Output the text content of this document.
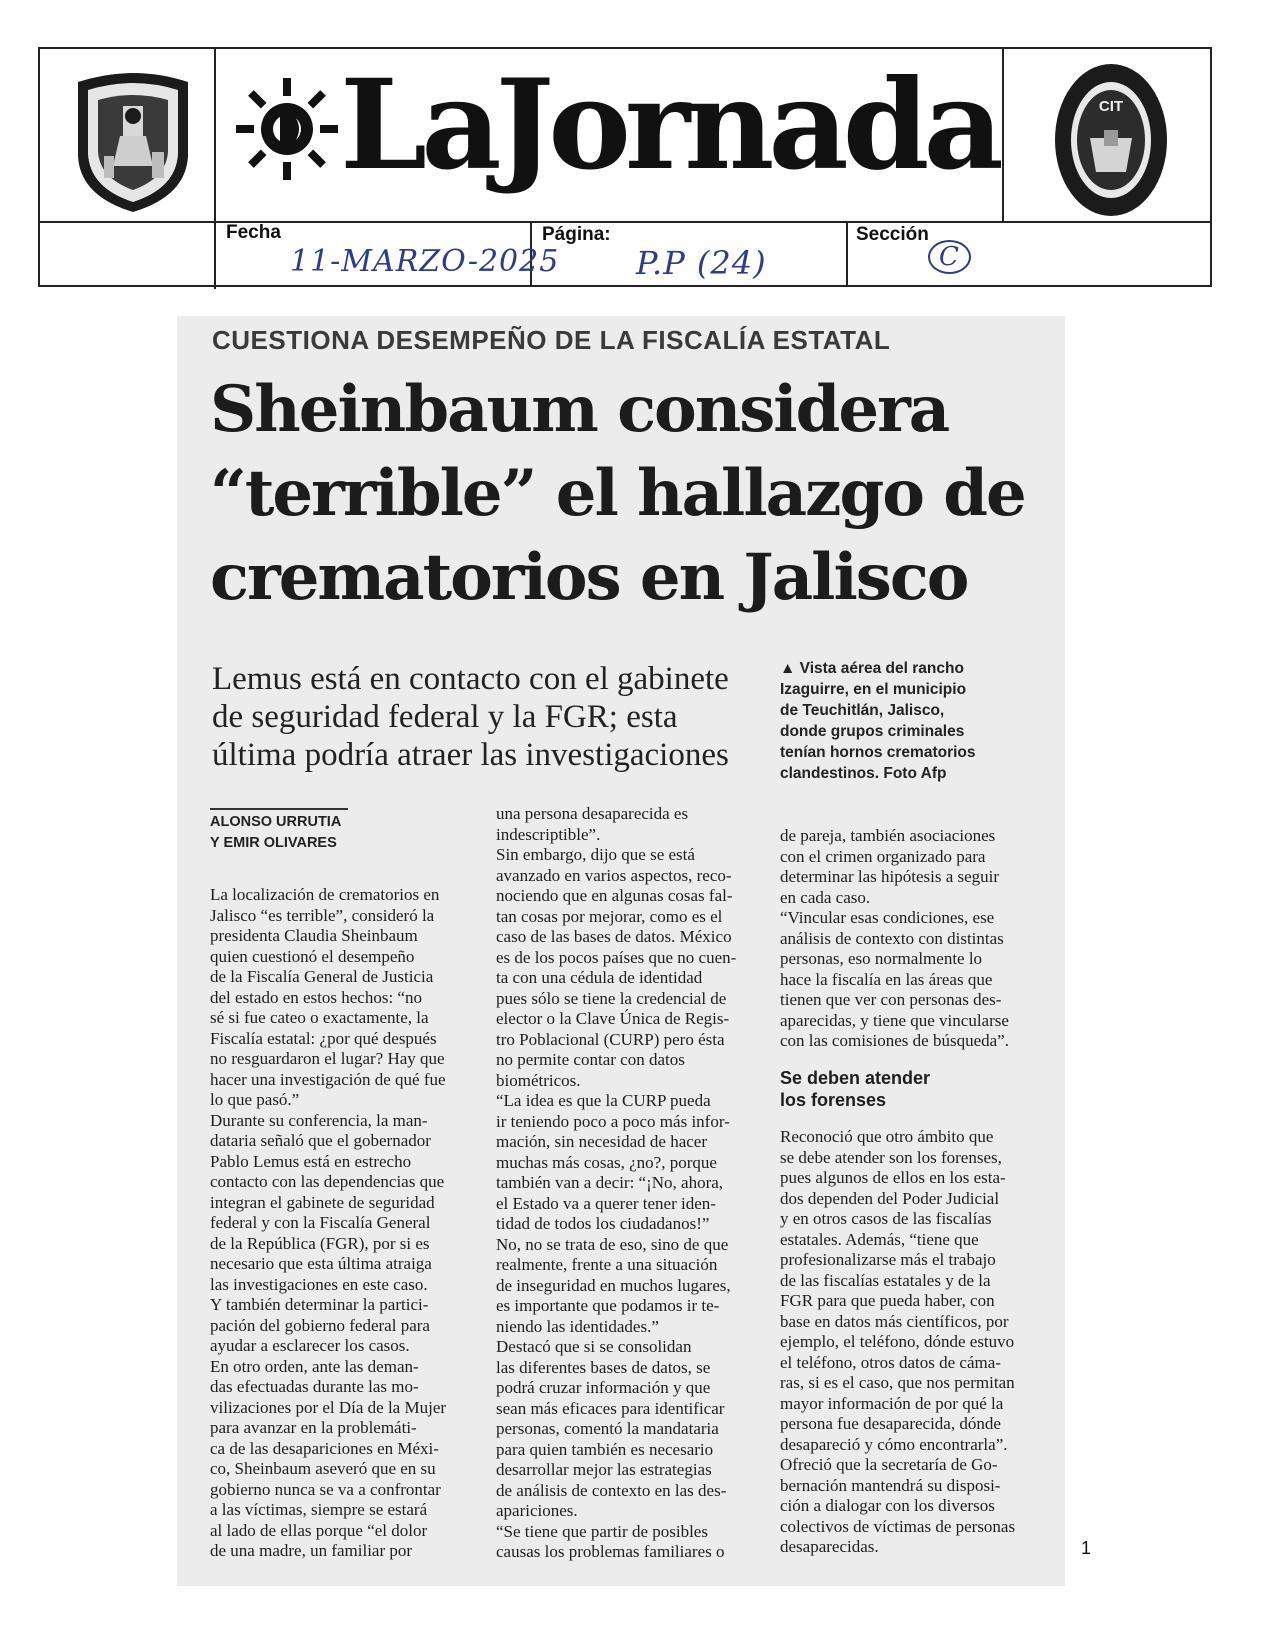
LaJornada	CIT
Fecha
11-MARZO-2025
Página:
P.P (24)
Sección
C

CUESTIONA DESEMPEÑO DE LA FISCALÍA ESTATAL
Sheinbaum considera
“terrible” el hallazgo de
crematorios en Jalisco
Lemus está en contacto con el gabinete
de seguridad federal y la FGR; esta
última podría atraer las investigaciones
▲ Vista aérea del rancho
Izaguirre, en el municipio
de Teuchitlán, Jalisco,
donde grupos criminales
tenían hornos crematorios
clandestinos. Foto Afp
ALONSO URRUTIA
Y EMIR OLIVARES
La localización de crematorios en
Jalisco “es terrible”, consideró la
presidenta Claudia Sheinbaum
quien cuestionó el desempeño
de la Fiscalía General de Justicia
del estado en estos hechos: “no
sé si fue cateo o exactamente, la
Fiscalía estatal: ¿por qué después
no resguardaron el lugar? Hay que
hacer una investigación de qué fue
lo que pasó.”
Durante su conferencia, la man-
dataria señaló que el gobernador
Pablo Lemus está en estrecho
contacto con las dependencias que
integran el gabinete de seguridad
federal y con la Fiscalía General
de la República (FGR), por si es
necesario que esta última atraiga
las investigaciones en este caso.
Y también determinar la partici-
pación del gobierno federal para
ayudar a esclarecer los casos.
En otro orden, ante las deman-
das efectuadas durante las mo-
vilizaciones por el Día de la Mujer
para avanzar en la problemáti-
ca de las desapariciones en Méxi-
co, Sheinbaum aseveró que en su
gobierno nunca se va a confrontar
a las víctimas, siempre se estará
al lado de ellas porque “el dolor
de una madre, un familiar por
una persona desaparecida es
indescriptible”.
Sin embargo, dijo que se está
avanzado en varios aspectos, reco-
nociendo que en algunas cosas fal-
tan cosas por mejorar, como es el
caso de las bases de datos. México
es de los pocos países que no cuen-
ta con una cédula de identidad
pues sólo se tiene la credencial de
elector o la Clave Única de Regis-
tro Poblacional (CURP) pero ésta
no permite contar con datos
biométricos.
“La idea es que la CURP pueda
ir teniendo poco a poco más infor-
mación, sin necesidad de hacer
muchas más cosas, ¿no?, porque
también van a decir: “¡No, ahora,
el Estado va a querer tener iden-
tidad de todos los ciudadanos!”
No, no se trata de eso, sino de que
realmente, frente a una situación
de inseguridad en muchos lugares,
es importante que podamos ir te-
niendo las identidades.”
Destacó que si se consolidan
las diferentes bases de datos, se
podrá cruzar información y que
sean más eficaces para identificar
personas, comentó la mandataria
para quien también es necesario
desarrollar mejor las estrategias
de análisis de contexto en las des-
apariciones.
“Se tiene que partir de posibles
causas los problemas familiares o
de pareja, también asociaciones
con el crimen organizado para
determinar las hipótesis a seguir
en cada caso.
“Vincular esas condiciones, ese
análisis de contexto con distintas
personas, eso normalmente lo
hace la fiscalía en las áreas que
tienen que ver con personas des-
aparecidas, y tiene que vincularse
con las comisiones de búsqueda”.
Se deben atender
los forenses
Reconoció que otro ámbito que
se debe atender son los forenses,
pues algunos de ellos en los esta-
dos dependen del Poder Judicial
y en otros casos de las fiscalías
estatales. Además, “tiene que
profesionalizarse más el trabajo
de las fiscalías estatales y de la
FGR para que pueda haber, con
base en datos más científicos, por
ejemplo, el teléfono, dónde estuvo
el teléfono, otros datos de cáma-
ras, si es el caso, que nos permitan
mayor información de por qué la
persona fue desaparecida, dónde
desapareció y cómo encontrarla”.
Ofreció que la secretaría de Go-
bernación mantendrá su disposi-
ción a dialogar con los diversos
colectivos de víctimas de personas
desaparecidas.	1
